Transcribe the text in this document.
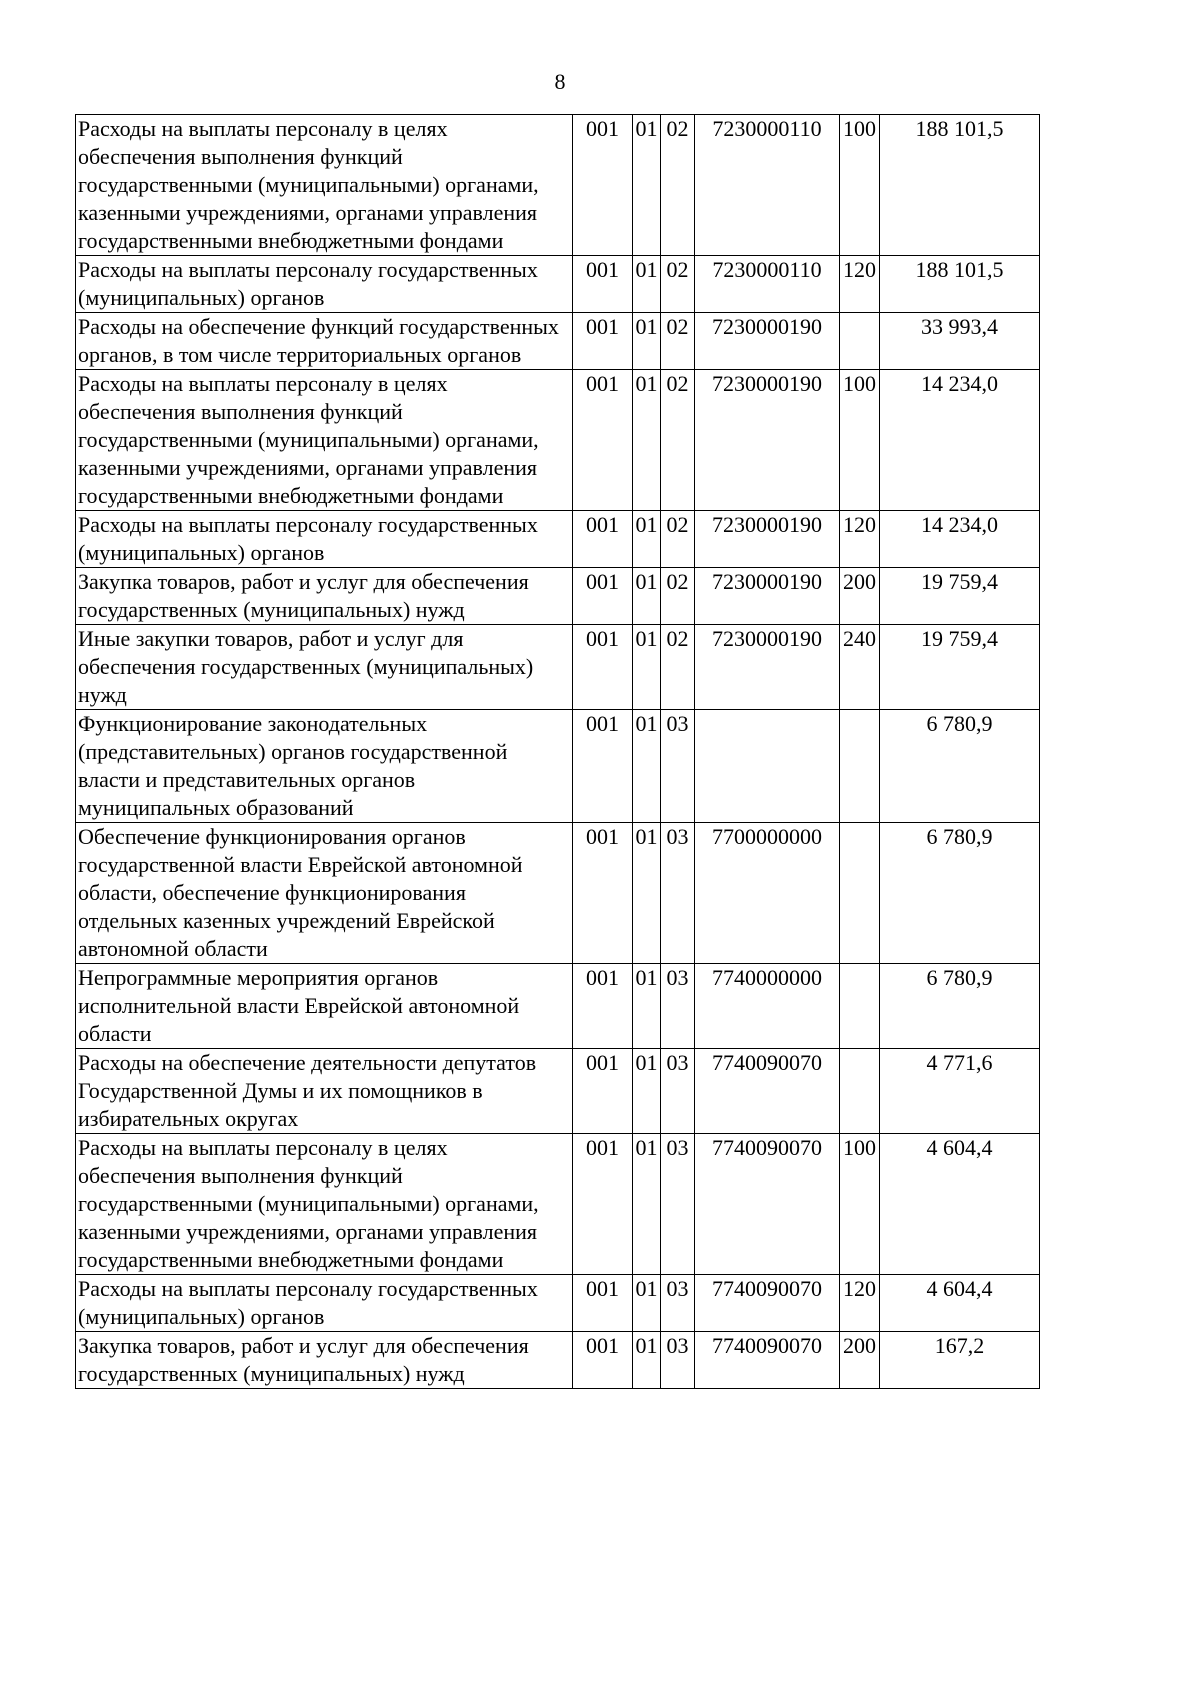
8
Расходы на выплаты персоналу в целях обеспечения выполнения функций государственными (муниципальными) органами, казенными учреждениями, органами управления государственными внебюджетными фондами	001	01	02	7230000110	100	188 101,5
Расходы на выплаты персоналу государственных (муниципальных) органов	001	01	02	7230000110	120	188 101,5
Расходы на обеспечение функций государственных органов, в том числе территориальных органов	001	01	02	7230000190		33 993,4
Расходы на выплаты персоналу в целях обеспечения выполнения функций государственными (муниципальными) органами, казенными учреждениями, органами управления государственными внебюджетными фондами	001	01	02	7230000190	100	14 234,0
Расходы на выплаты персоналу государственных (муниципальных) органов	001	01	02	7230000190	120	14 234,0
Закупка товаров, работ и услуг для обеспечения государственных (муниципальных) нужд	001	01	02	7230000190	200	19 759,4
Иные закупки товаров, работ и услуг для обеспечения государственных (муниципальных) нужд	001	01	02	7230000190	240	19 759,4
Функционирование законодательных (представительных) органов государственной власти и представительных органов муниципальных образований	001	01	03			6 780,9
Обеспечение функционирования органов государственной власти Еврейской автономной области, обеспечение функционирования отдельных казенных учреждений Еврейской автономной области	001	01	03	7700000000		6 780,9
Непрограммные мероприятия органов исполнительной власти Еврейской автономной области	001	01	03	7740000000		6 780,9
Расходы на обеспечение деятельности депутатов Государственной Думы и их помощников в избирательных округах	001	01	03	7740090070		4 771,6
Расходы на выплаты персоналу в целях обеспечения выполнения функций государственными (муниципальными) органами, казенными учреждениями, органами управления государственными внебюджетными фондами	001	01	03	7740090070	100	4 604,4
Расходы на выплаты персоналу государственных (муниципальных) органов	001	01	03	7740090070	120	4 604,4
Закупка товаров, работ и услуг для обеспечения государственных (муниципальных) нужд	001	01	03	7740090070	200	167,2
